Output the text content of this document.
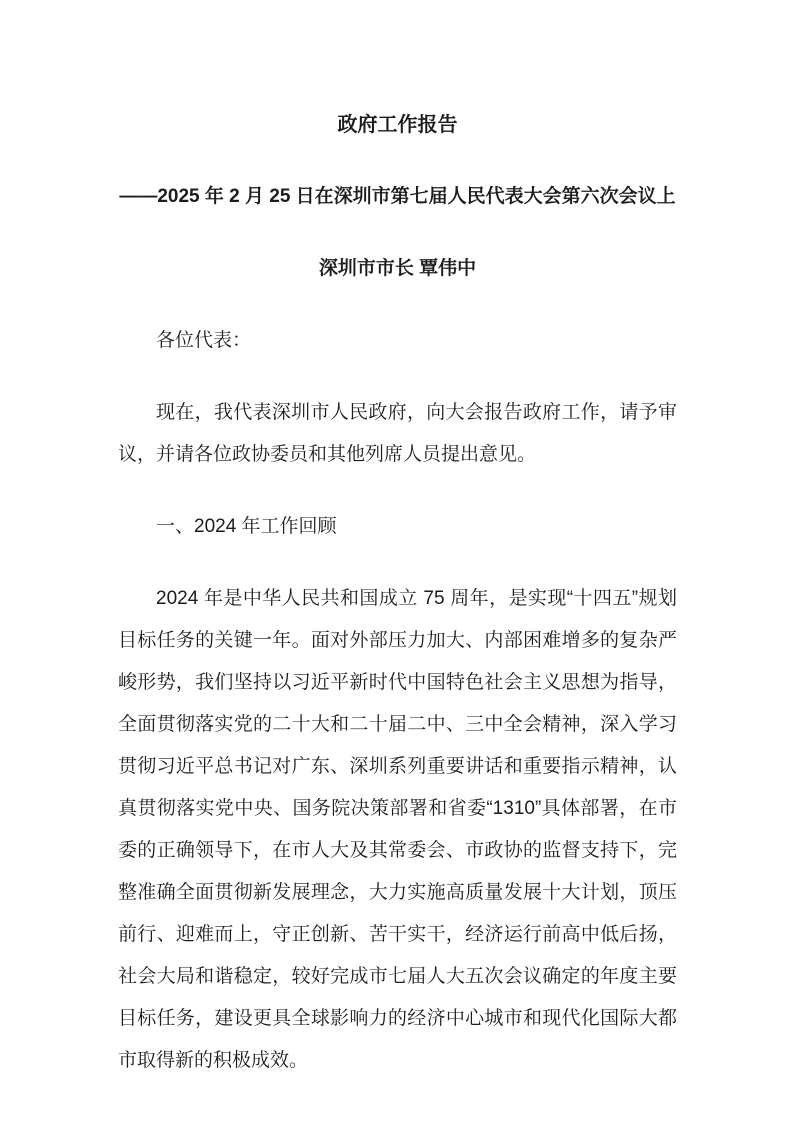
政府工作报告

——2025 年 2 月 25 日在深圳市第七届人民代表大会第六次会议上

深圳市市长 覃伟中

各位代表：

现在，我代表深圳市人民政府，向大会报告政府工作，请予审议，并请各位政协委员和其他列席人员提出意见。

一、2024 年工作回顾

2024 年是中华人民共和国成立 75 周年，是实现“十四五”规划目标任务的关键一年。面对外部压力加大、内部困难增多的复杂严峻形势，我们坚持以习近平新时代中国特色社会主义思想为指导，全面贯彻落实党的二十大和二十届二中、三中全会精神，深入学习贯彻习近平总书记对广东、深圳系列重要讲话和重要指示精神，认真贯彻落实党中央、国务院决策部署和省委“1310”具体部署，在市委的正确领导下，在市人大及其常委会、市政协的监督支持下，完整准确全面贯彻新发展理念，大力实施高质量发展十大计划，顶压前行、迎难而上，守正创新、苦干实干，经济运行前高中低后扬，社会大局和谐稳定，较好完成市七届人大五次会议确定的年度主要目标任务，建设更具全球影响力的经济中心城市和现代化国际大都市取得新的积极成效。
